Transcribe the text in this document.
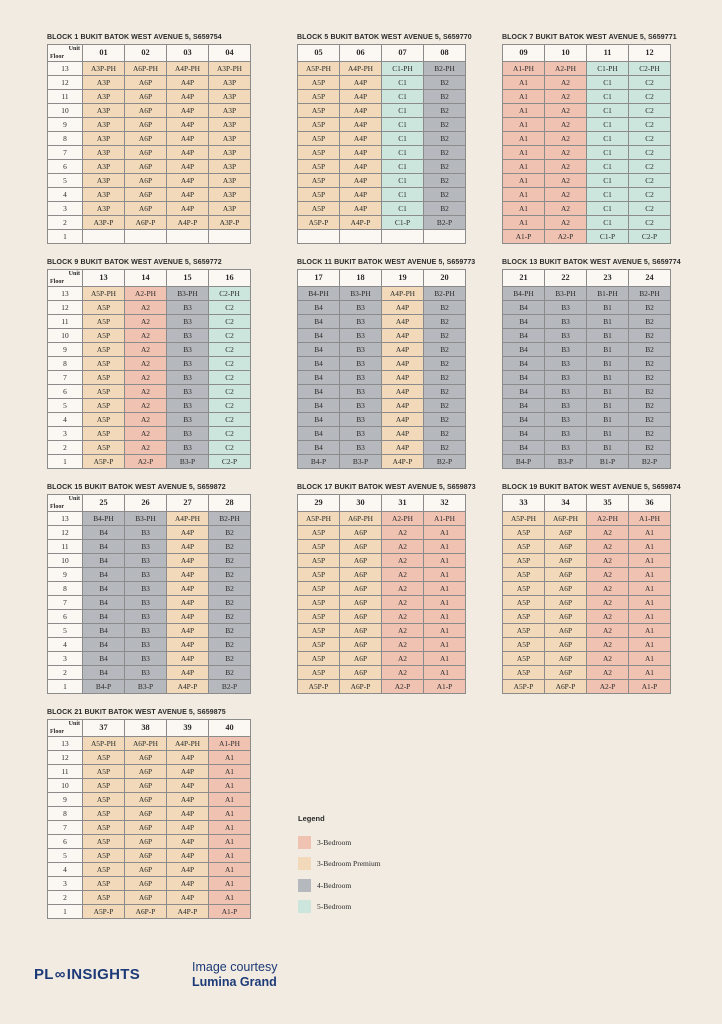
BLOCK 1 BUKIT BATOK WEST AVENUE 5, S659754
Unit
Floor	01	02	03	04
13	A3P-PH	A6P-PH	A4P-PH	A3P-PH
12	A3P	A6P	A4P	A3P
11	A3P	A6P	A4P	A3P
10	A3P	A6P	A4P	A3P
9	A3P	A6P	A4P	A3P
8	A3P	A6P	A4P	A3P
7	A3P	A6P	A4P	A3P
6	A3P	A6P	A4P	A3P
5	A3P	A6P	A4P	A3P
4	A3P	A6P	A4P	A3P
3	A3P	A6P	A4P	A3P
2	A3P-P	A6P-P	A4P-P	A3P-P
1				
BLOCK 5 BUKIT BATOK WEST AVENUE 5, S659770
05	06	07	08
A5P-PH	A4P-PH	C1-PH	B2-PH
A5P	A4P	C1	B2
A5P	A4P	C1	B2
A5P	A4P	C1	B2
A5P	A4P	C1	B2
A5P	A4P	C1	B2
A5P	A4P	C1	B2
A5P	A4P	C1	B2
A5P	A4P	C1	B2
A5P	A4P	C1	B2
A5P	A4P	C1	B2
A5P-P	A4P-P	C1-P	B2-P

BLOCK 7 BUKIT BATOK WEST AVENUE 5, S659771
09	10	11	12
A1-PH	A2-PH	C1-PH	C2-PH
A1	A2	C1	C2
A1	A2	C1	C2
A1	A2	C1	C2
A1	A2	C1	C2
A1	A2	C1	C2
A1	A2	C1	C2
A1	A2	C1	C2
A1	A2	C1	C2
A1	A2	C1	C2
A1	A2	C1	C2
A1	A2	C1	C2
A1-P	A2-P	C1-P	C2-P
BLOCK 9 BUKIT BATOK WEST AVENUE 5, S659772
Unit
Floor	13	14	15	16
13	A5P-PH	A2-PH	B3-PH	C2-PH
12	A5P	A2	B3	C2
11	A5P	A2	B3	C2
10	A5P	A2	B3	C2
9	A5P	A2	B3	C2
8	A5P	A2	B3	C2
7	A5P	A2	B3	C2
6	A5P	A2	B3	C2
5	A5P	A2	B3	C2
4	A5P	A2	B3	C2
3	A5P	A2	B3	C2
2	A5P	A2	B3	C2
1	A5P-P	A2-P	B3-P	C2-P
BLOCK 11 BUKIT BATOK WEST AVENUE 5, S659773
17	18	19	20
B4-PH	B3-PH	A4P-PH	B2-PH
B4	B3	A4P	B2
B4	B3	A4P	B2
B4	B3	A4P	B2
B4	B3	A4P	B2
B4	B3	A4P	B2
B4	B3	A4P	B2
B4	B3	A4P	B2
B4	B3	A4P	B2
B4	B3	A4P	B2
B4	B3	A4P	B2
B4	B3	A4P	B2
B4-P	B3-P	A4P-P	B2-P
BLOCK 13 BUKIT BATOK WEST AVENUE 5, S659774
21	22	23	24
B4-PH	B3-PH	B1-PH	B2-PH
B4	B3	B1	B2
B4	B3	B1	B2
B4	B3	B1	B2
B4	B3	B1	B2
B4	B3	B1	B2
B4	B3	B1	B2
B4	B3	B1	B2
B4	B3	B1	B2
B4	B3	B1	B2
B4	B3	B1	B2
B4	B3	B1	B2
B4-P	B3-P	B1-P	B2-P
BLOCK 15 BUKIT BATOK WEST AVENUE 5, S659872
Unit
Floor	25	26	27	28
13	B4-PH	B3-PH	A4P-PH	B2-PH
12	B4	B3	A4P	B2
11	B4	B3	A4P	B2
10	B4	B3	A4P	B2
9	B4	B3	A4P	B2
8	B4	B3	A4P	B2
7	B4	B3	A4P	B2
6	B4	B3	A4P	B2
5	B4	B3	A4P	B2
4	B4	B3	A4P	B2
3	B4	B3	A4P	B2
2	B4	B3	A4P	B2
1	B4-P	B3-P	A4P-P	B2-P
BLOCK 17 BUKIT BATOK WEST AVENUE 5, S659873
29	30	31	32
A5P-PH	A6P-PH	A2-PH	A1-PH
A5P	A6P	A2	A1
A5P	A6P	A2	A1
A5P	A6P	A2	A1
A5P	A6P	A2	A1
A5P	A6P	A2	A1
A5P	A6P	A2	A1
A5P	A6P	A2	A1
A5P	A6P	A2	A1
A5P	A6P	A2	A1
A5P	A6P	A2	A1
A5P	A6P	A2	A1
A5P-P	A6P-P	A2-P	A1-P
BLOCK 19 BUKIT BATOK WEST AVENUE 5, S659874
33	34	35	36
A5P-PH	A6P-PH	A2-PH	A1-PH
A5P	A6P	A2	A1
A5P	A6P	A2	A1
A5P	A6P	A2	A1
A5P	A6P	A2	A1
A5P	A6P	A2	A1
A5P	A6P	A2	A1
A5P	A6P	A2	A1
A5P	A6P	A2	A1
A5P	A6P	A2	A1
A5P	A6P	A2	A1
A5P	A6P	A2	A1
A5P-P	A6P-P	A2-P	A1-P
BLOCK 21 BUKIT BATOK WEST AVENUE 5, S659875
Unit
Floor	37	38	39	40
13	A5P-PH	A6P-PH	A4P-PH	A1-PH
12	A5P	A6P	A4P	A1
11	A5P	A6P	A4P	A1
10	A5P	A6P	A4P	A1
9	A5P	A6P	A4P	A1
8	A5P	A6P	A4P	A1
7	A5P	A6P	A4P	A1
6	A5P	A6P	A4P	A1
5	A5P	A6P	A4P	A1
4	A5P	A6P	A4P	A1
3	A5P	A6P	A4P	A1
2	A5P	A6P	A4P	A1
1	A5P-P	A6P-P	A4P-P	A1-P
Legend
3-Bedroom
3-Bedroom Premium
4-Bedroom
5-Bedroom
PL ∞ INSIGHTS	Image courtesy
Lumina Grand
